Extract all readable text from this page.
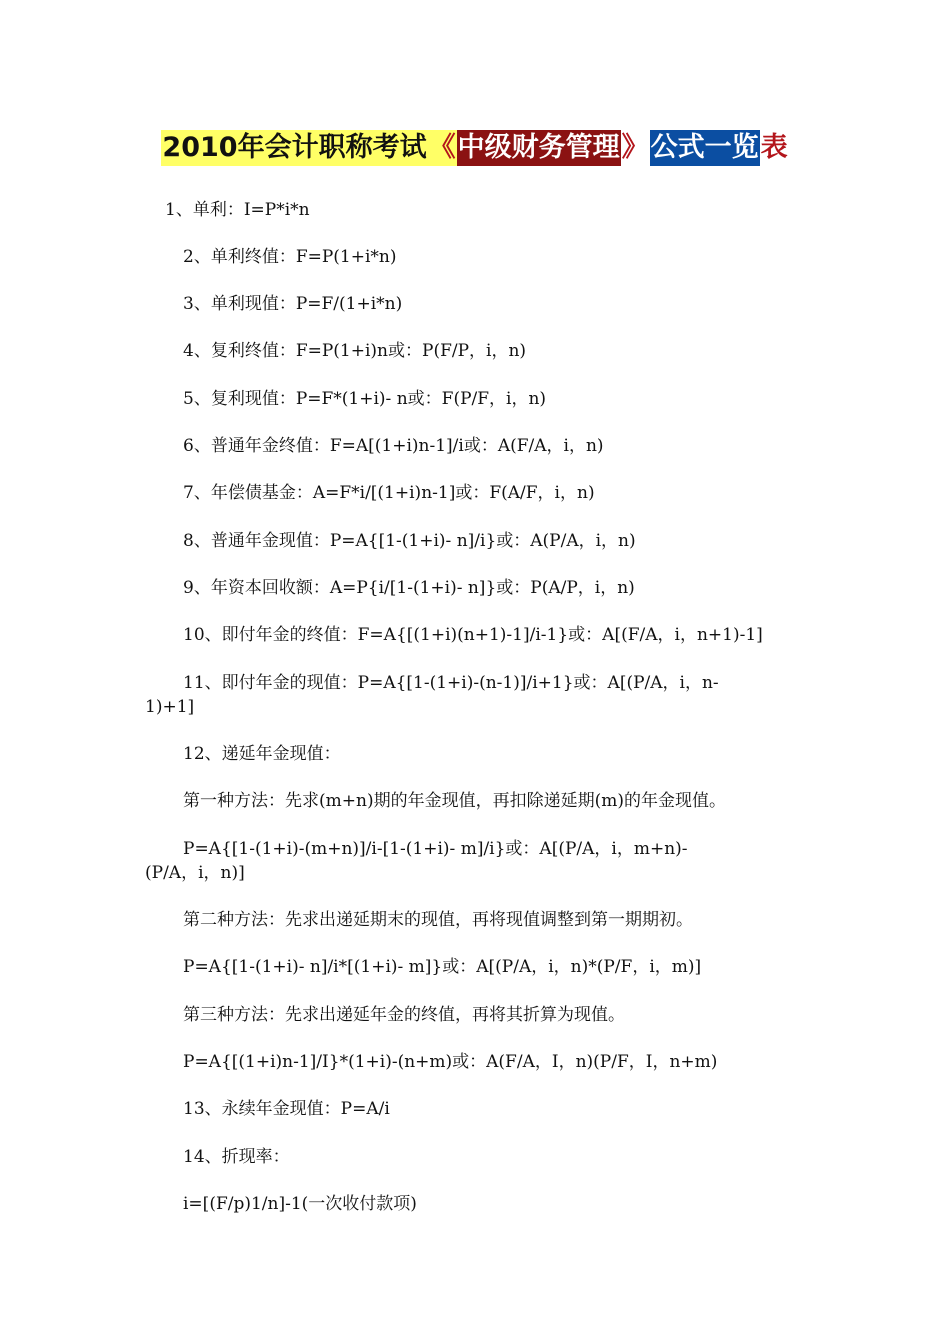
2010年会计职称考试《中级财务管理》公式一览表
1、单利：I=P*i*n
2、单利终值：F=P(1+i*n)
3、单利现值：P=F/(1+i*n)
4、复利终值：F=P(1+i)n或：P(F/P，i，n)
5、复利现值：P=F*(1+i)- n或：F(P/F，i，n)
6、普通年金终值：F=A[(1+i)n-1]/i或：A(F/A，i，n)
7、年偿债基金：A=F*i/[(1+i)n-1]或：F(A/F，i，n)
8、普通年金现值：P=A{[1-(1+i)- n]/i}或：A(P/A，i，n)
9、年资本回收额：A=P{i/[1-(1+i)- n]}或：P(A/P，i，n)
10、即付年金的终值：F=A{[(1+i)(n+1)-1]/i-1}或：A[(F/A，i，n+1)-1]
11、即付年金的现值：P=A{[1-(1+i)-(n-1)]/i+1}或：A[(P/A，i，n-
1)+1]
12、递延年金现值：
第一种方法：先求(m+n)期的年金现值，再扣除递延期(m)的年金现值。
P=A{[1-(1+i)-(m+n)]/i-[1-(1+i)- m]/i}或：A[(P/A，i，m+n)-
(P/A，i，n)]
第二种方法：先求出递延期末的现值，再将现值调整到第一期期初。
P=A{[1-(1+i)- n]/i*[(1+i)- m]}或：A[(P/A，i，n)*(P/F，i，m)]
第三种方法：先求出递延年金的终值，再将其折算为现值。
P=A{[(1+i)n-1]/I}*(1+i)-(n+m)或：A(F/A，I，n)(P/F，I，n+m)
13、永续年金现值：P=A/i
14、折现率：
i=[(F/p)1/n]-1(一次收付款项)
